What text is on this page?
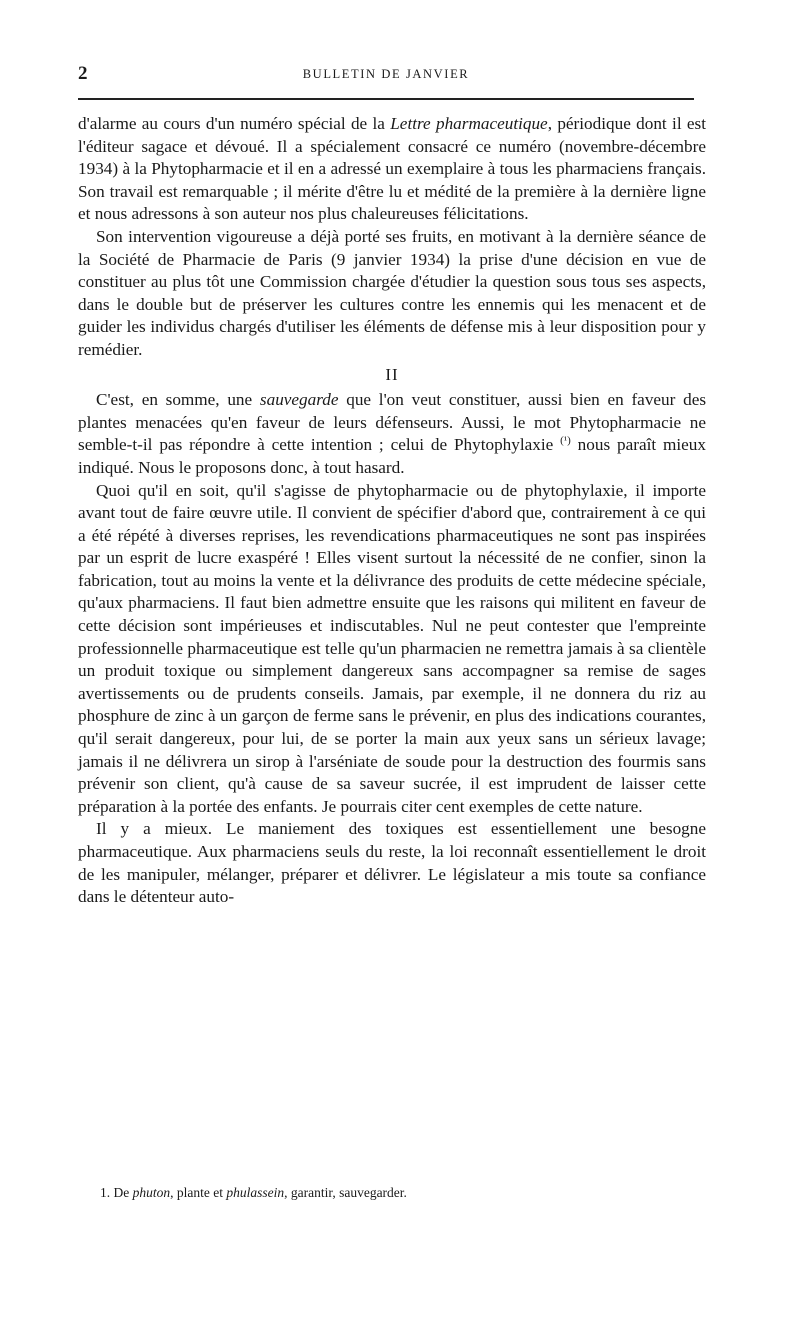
2	BULLETIN DE JANVIER

d'alarme au cours d'un numéro spécial de la Lettre pharmaceutique, périodique dont il est l'éditeur sagace et dévoué. Il a spécialement consacré ce numéro (novembre-décembre 1934) à la Phytopharmacie et il en a adressé un exemplaire à tous les pharmaciens français. Son travail est remarquable ; il mérite d'être lu et médité de la première à la dernière ligne et nous adressons à son auteur nos plus chaleureuses félicitations.

Son intervention vigoureuse a déjà porté ses fruits, en motivant à la dernière séance de la Société de Pharmacie de Paris (9 janvier 1934) la prise d'une décision en vue de constituer au plus tôt une Commission chargée d'étudier la question sous tous ses aspects, dans le double but de préserver les cultures contre les ennemis qui les menacent et de guider les individus chargés d'utiliser les éléments de défense mis à leur disposition pour y remédier.

II

C'est, en somme, une sauvegarde que l'on veut constituer, aussi bien en faveur des plantes menacées qu'en faveur de leurs défenseurs. Aussi, le mot Phytopharmacie ne semble-t-il pas répondre à cette intention ; celui de Phytophylaxie $^{(^1)}$ nous paraît mieux indiqué. Nous le proposons donc, à tout hasard.

Quoi qu'il en soit, qu'il s'agisse de phytopharmacie ou de phytophylaxie, il importe avant tout de faire œuvre utile. Il convient de spécifier d'abord que, contrairement à ce qui a été répété à diverses reprises, les revendications pharmaceutiques ne sont pas inspirées par un esprit de lucre exaspéré ! Elles visent surtout la nécessité de ne confier, sinon la fabrication, tout au moins la vente et la délivrance des produits de cette médecine spéciale, qu'aux pharmaciens. Il faut bien admettre ensuite que les raisons qui militent en faveur de cette décision sont impérieuses et indiscutables. Nul ne peut contester que l'empreinte professionnelle pharmaceutique est telle qu'un pharmacien ne remettra jamais à sa clientèle un produit toxique ou simplement dangereux sans accompagner sa remise de sages avertissements ou de prudents conseils. Jamais, par exemple, il ne donnera du riz au phosphure de zinc à un garçon de ferme sans le prévenir, en plus des indications courantes, qu'il serait dangereux, pour lui, de se porter la main aux yeux sans un sérieux lavage; jamais il ne délivrera un sirop à l'arséniate de soude pour la destruction des fourmis sans prévenir son client, qu'à cause de sa saveur sucrée, il est imprudent de laisser cette préparation à la portée des enfants. Je pourrais citer cent exemples de cette nature.

Il y a mieux. Le maniement des toxiques est essentiellement une besogne pharmaceutique. Aux pharmaciens seuls du reste, la loi reconnaît essentiellement le droit de les manipuler, mélanger, préparer et délivrer. Le législateur a mis toute sa confiance dans le détenteur auto-

1. De phuton, plante et phulassein, garantir, sauvegarder.
